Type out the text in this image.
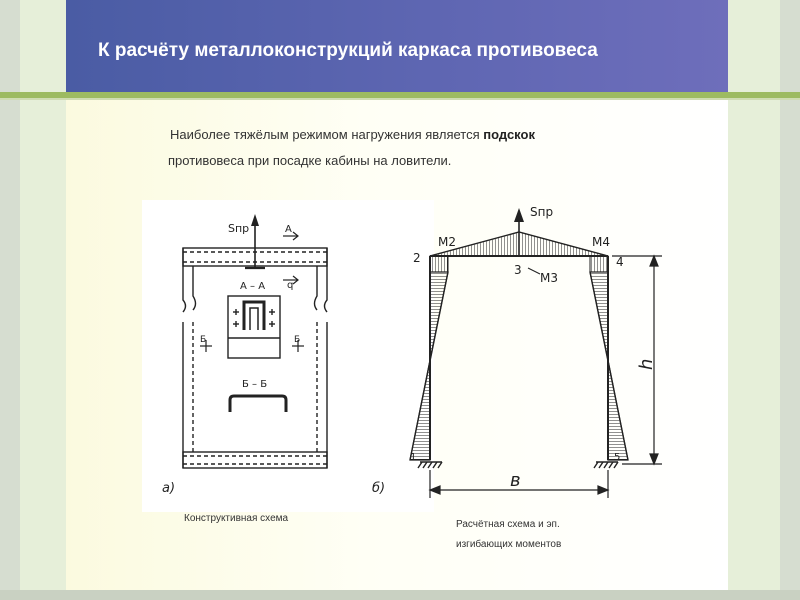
К расчёту металлоконструкций каркаса противовеса
Наиболее тяжёлым режимом нагружения является подскок
противовеса при посадке кабины на ловители.
Sпр	А
q
А – А
Б	Б
Б – Б
а)
Sпр
M2
M3
M4
2
3
4
1	5
h
в
б)
Конструктивная схема
Расчётная схема и эп.
изгибающих моментов
